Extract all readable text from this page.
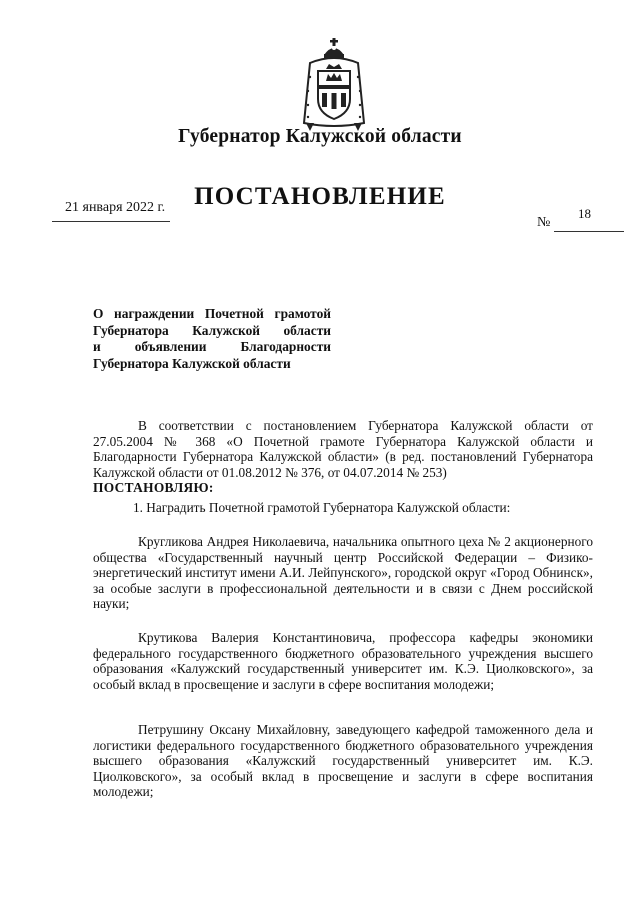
Губернатор Калужской области
ПОСТАНОВЛЕНИЕ
21 января 2022 г.
№
18
О награждении Почетной грамотой
Губернатора Калужской области
и объявлении Благодарности
Губернатора Калужской области
В соответствии с постановлением Губернатора Калужской области от 27.05.2004 № 368 «О Почетной грамоте Губернатора Калужской области и Благодарности Губернатора Калужской области» (в ред. постановлений Губернатора Калужской области от 01.08.2012 № 376, от 04.07.2014 № 253)
ПОСТАНОВЛЯЮ:
1. Наградить Почетной грамотой Губернатора Калужской области:
Кругликова Андрея Николаевича, начальника опытного цеха № 2 акционерного общества «Государственный научный центр Российской Федерации – Физико-энергетический институт имени А.И. Лейпунского», городской округ «Город Обнинск», за особые заслуги в профессиональной деятельности и в связи с Днем российской науки;
Крутикова Валерия Константиновича, профессора кафедры экономики федерального государственного бюджетного образовательного учреждения высшего образования «Калужский государственный университет им. К.Э. Циолковского», за особый вклад в просвещение и заслуги в сфере воспитания молодежи;
Петрушину Оксану Михайловну, заведующего кафедрой таможенного дела и логистики федерального государственного бюджетного образовательного учреждения высшего образования «Калужский государственный университет им. К.Э. Циолковского», за особый вклад в просвещение и заслуги в сфере воспитания молодежи;
